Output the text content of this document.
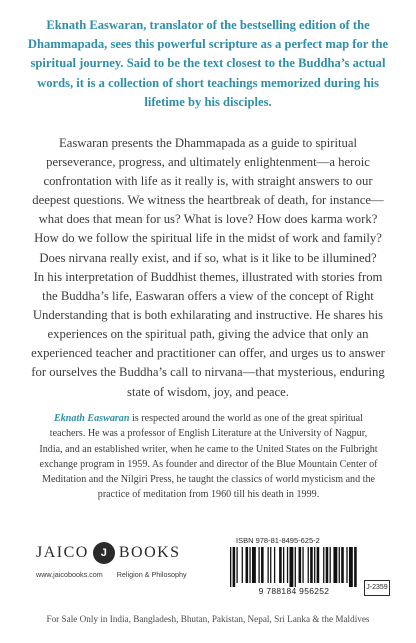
Eknath Easwaran, translator of the bestselling edition of the Dhammapada, sees this powerful scripture as a perfect map for the spiritual journey. Said to be the text closest to the Buddha’s actual words, it is a collection of short teachings memorized during his lifetime by his disciples.

Easwaran presents the Dhammapada as a guide to spiritual perseverance, progress, and ultimately enlightenment—a heroic confrontation with life as it really is, with straight answers to our deepest questions. We witness the heartbreak of death, for instance—what does that mean for us? What is love? How does karma work? How do we follow the spiritual life in the midst of work and family? Does nirvana really exist, and if so, what is it like to be illumined?

In his interpretation of Buddhist themes, illustrated with stories from the Buddha’s life, Easwaran offers a view of the concept of Right Understanding that is both exhilarating and instructive. He shares his experiences on the spiritual path, giving the advice that only an experienced teacher and practitioner can offer, and urges us to answer for ourselves the Buddha’s call to nirvana—that mysterious, enduring state of wisdom, joy, and peace.

Eknath Easwaran is respected around the world as one of the great spiritual teachers. He was a professor of English Literature at the University of Nagpur, India, and an established writer, when he came to the United States on the Fulbright exchange program in 1959. As founder and director of the Blue Mountain Center of Meditation and the Nilgiri Press, he taught the classics of world mysticism and the practice of meditation from 1960 till his death in 1999.

JAICO	J BOOKS
www.jaicobooks.com Religion & Philosophy
ISBN 978-81-8495-625-2
9 788184 956252	J-2359
For Sale Only in India, Bangladesh, Bhutan, Pakistan, Nepal, Sri Lanka & the Maldives
